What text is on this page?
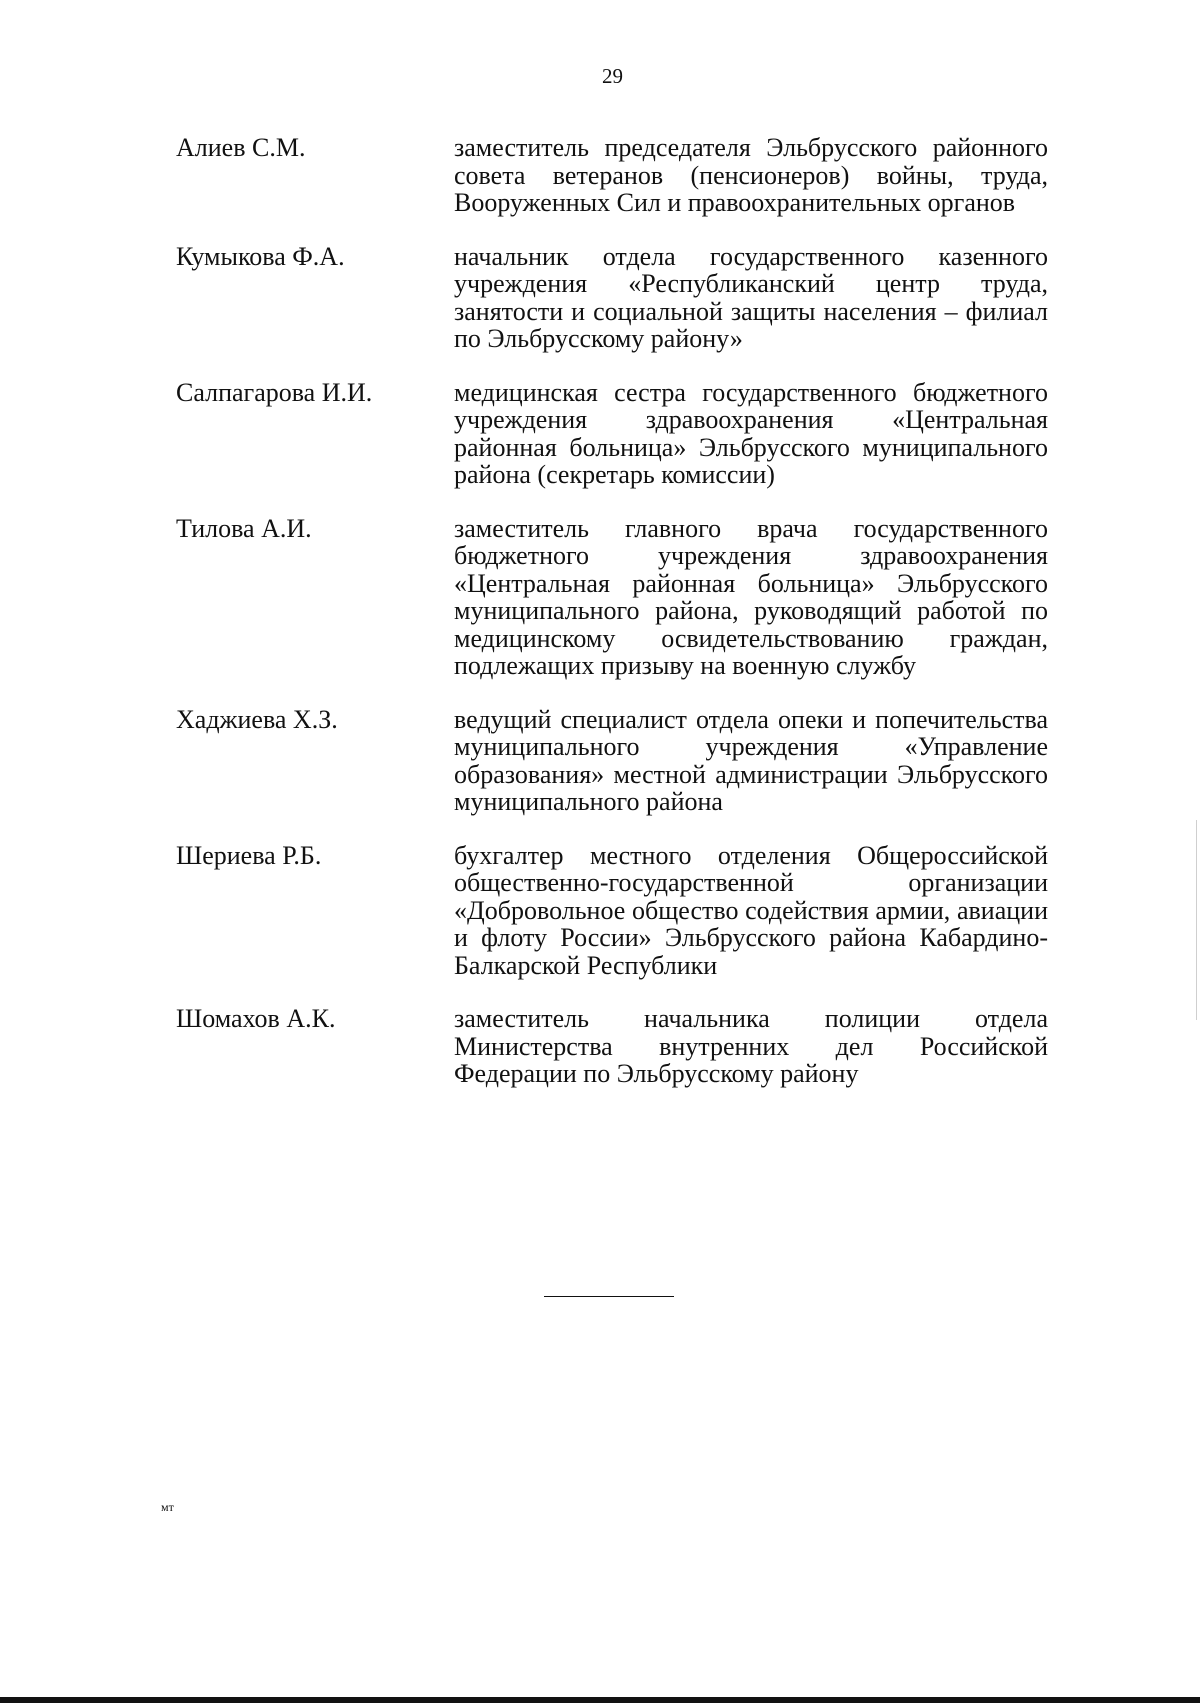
29
Алиев С.М.	заместитель председателя Эльбрусского районного совета ветеранов (пенсионеров) войны, труда, Вооруженных Сил и правоохранительных органов
Кумыкова Ф.А.	начальник отдела государственного казенного учреждения «Республиканский центр труда, занятости и социальной защиты населения – филиал по Эльбрусскому району»
Салпагарова И.И.	медицинская сестра государственного бюджетного учреждения здравоохранения «Центральная районная больница» Эльбрусского муниципального района (секретарь комиссии)
Тилова А.И.	заместитель главного врача государственного бюджетного учреждения здравоохранения «Центральная районная больница» Эльбрусского муниципального района, руководящий работой по медицинскому освидетельствованию граждан, подлежащих призыву на военную службу
Хаджиева Х.З.	ведущий специалист отдела опеки и попечительства муниципального учреждения «Управление образования» местной администрации Эльбрусского муниципального района
Шериева Р.Б.	бухгалтер местного отделения Общероссийской общественно-государственной организации «Добровольное общество содействия армии, авиации и флоту России» Эльбрусского района Кабардино-Балкарской Республики
Шомахов А.К.	заместитель начальника полиции отдела Министерства внутренних дел Российской Федерации по Эльбрусскому району
мт
